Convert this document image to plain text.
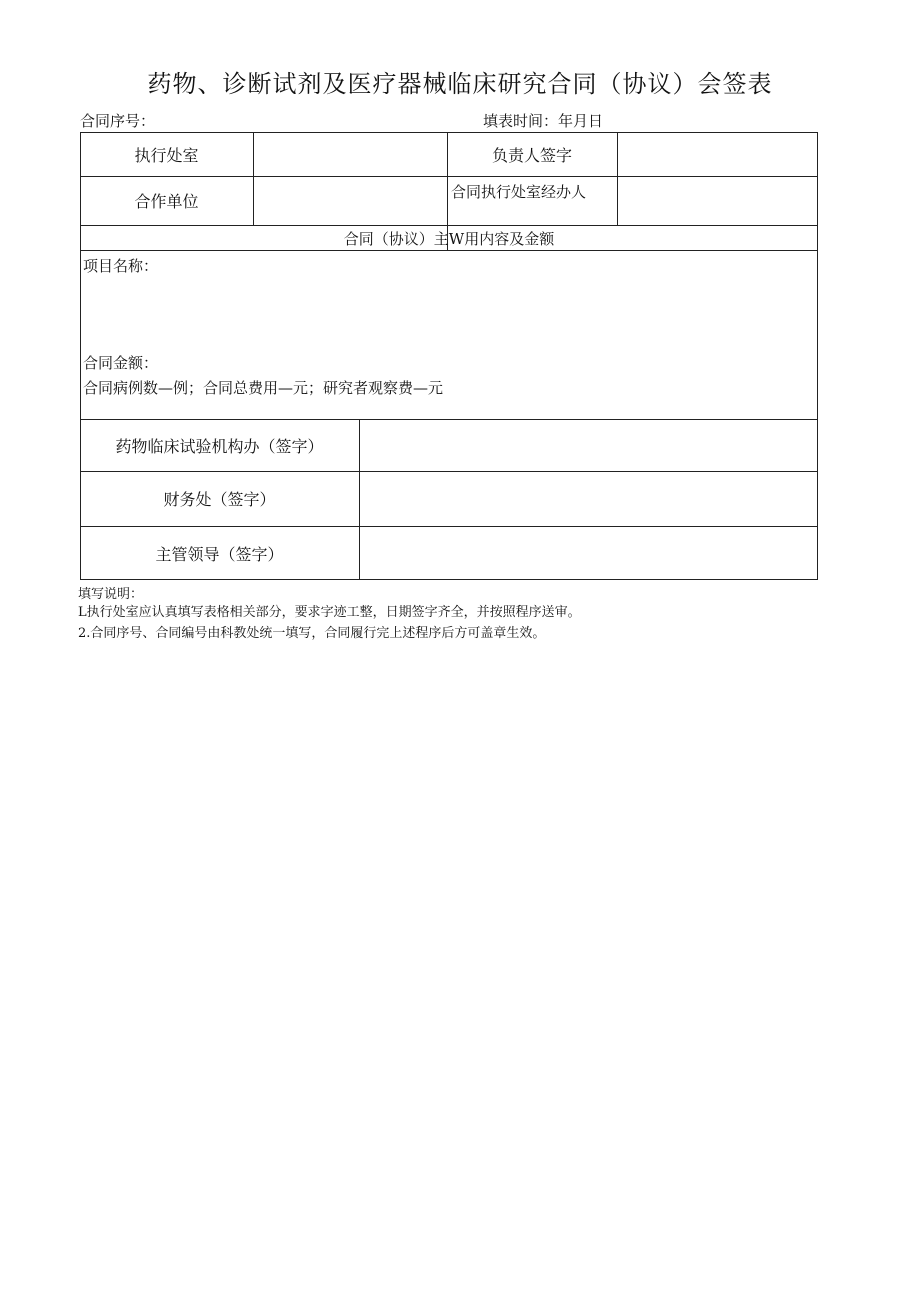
药物、诊断试剂及医疗器械临床研究合同（协议）会签表
合同序号：	填表时间：年月日
执行处室	负责人签字
合作单位	合同执行处室经办人
合同（协议）主W用内容及金额
项目名称：
合同金额：
合同病例数—例；合同总费用—元；研究者观察费—元
药物临床试验机构办（签字）
财务处（签字）
主管领导（签字）
填写说明：
L执行处室应认真填写表格相关部分，要求字迹工整，日期签字齐全，并按照程序送审。
2.合同序号、合同编号由科教处统一填写，合同履行完上述程序后方可盖章生效。
